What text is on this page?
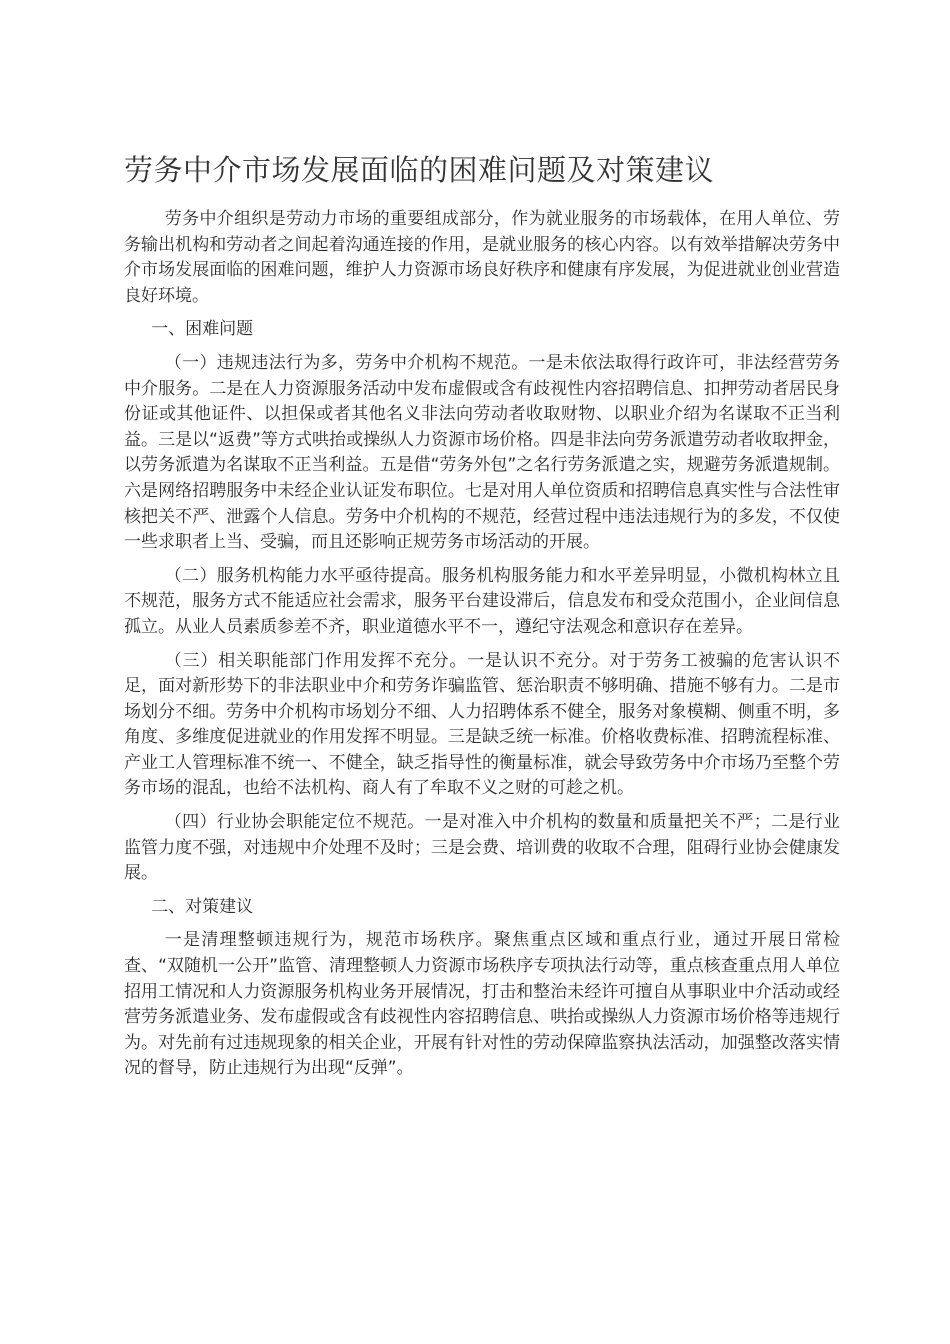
劳务中介市场发展面临的困难问题及对策建议

劳务中介组织是劳动力市场的重要组成部分，作为就业服务的市场载体，在用人单位、劳务输出机构和劳动者之间起着沟通连接的作用，是就业服务的核心内容。以有效举措解决劳务中介市场发展面临的困难问题，维护人力资源市场良好秩序和健康有序发展，为促进就业创业营造良好环境。

一、困难问题

（一）违规违法行为多，劳务中介机构不规范。一是未依法取得行政许可，非法经营劳务中介服务。二是在人力资源服务活动中发布虚假或含有歧视性内容招聘信息、扣押劳动者居民身份证或其他证件、以担保或者其他名义非法向劳动者收取财物、以职业介绍为名谋取不正当利益。三是以“返费”等方式哄抬或操纵人力资源市场价格。四是非法向劳务派遣劳动者收取押金，以劳务派遣为名谋取不正当利益。五是借“劳务外包”之名行劳务派遣之实，规避劳务派遣规制。六是网络招聘服务中未经企业认证发布职位。七是对用人单位资质和招聘信息真实性与合法性审核把关不严、泄露个人信息。劳务中介机构的不规范，经营过程中违法违规行为的多发，不仅使一些求职者上当、受骗，而且还影响正规劳务市场活动的开展。

（二）服务机构能力水平亟待提高。服务机构服务能力和水平差异明显，小微机构林立且不规范，服务方式不能适应社会需求，服务平台建设滞后，信息发布和受众范围小，企业间信息孤立。从业人员素质参差不齐，职业道德水平不一，遵纪守法观念和意识存在差异。

（三）相关职能部门作用发挥不充分。一是认识不充分。对于劳务工被骗的危害认识不足，面对新形势下的非法职业中介和劳务诈骗监管、惩治职责不够明确、措施不够有力。二是市场划分不细。劳务中介机构市场划分不细、人力招聘体系不健全，服务对象模糊、侧重不明，多角度、多维度促进就业的作用发挥不明显。三是缺乏统一标准。价格收费标准、招聘流程标准、产业工人管理标准不统一、不健全，缺乏指导性的衡量标准，就会导致劳务中介市场乃至整个劳务市场的混乱，也给不法机构、商人有了牟取不义之财的可趁之机。

（四）行业协会职能定位不规范。一是对准入中介机构的数量和质量把关不严；二是行业监管力度不强，对违规中介处理不及时；三是会费、培训费的收取不合理，阻碍行业协会健康发展。

二、对策建议

一是清理整顿违规行为，规范市场秩序。聚焦重点区域和重点行业，通过开展日常检查、“双随机一公开”监管、清理整顿人力资源市场秩序专项执法行动等，重点核查重点用人单位招用工情况和人力资源服务机构业务开展情况，打击和整治未经许可擅自从事职业中介活动或经营劳务派遣业务、发布虚假或含有歧视性内容招聘信息、哄抬或操纵人力资源市场价格等违规行为。对先前有过违规现象的相关企业，开展有针对性的劳动保障监察执法活动，加强整改落实情况的督导，防止违规行为出现“反弹”。
